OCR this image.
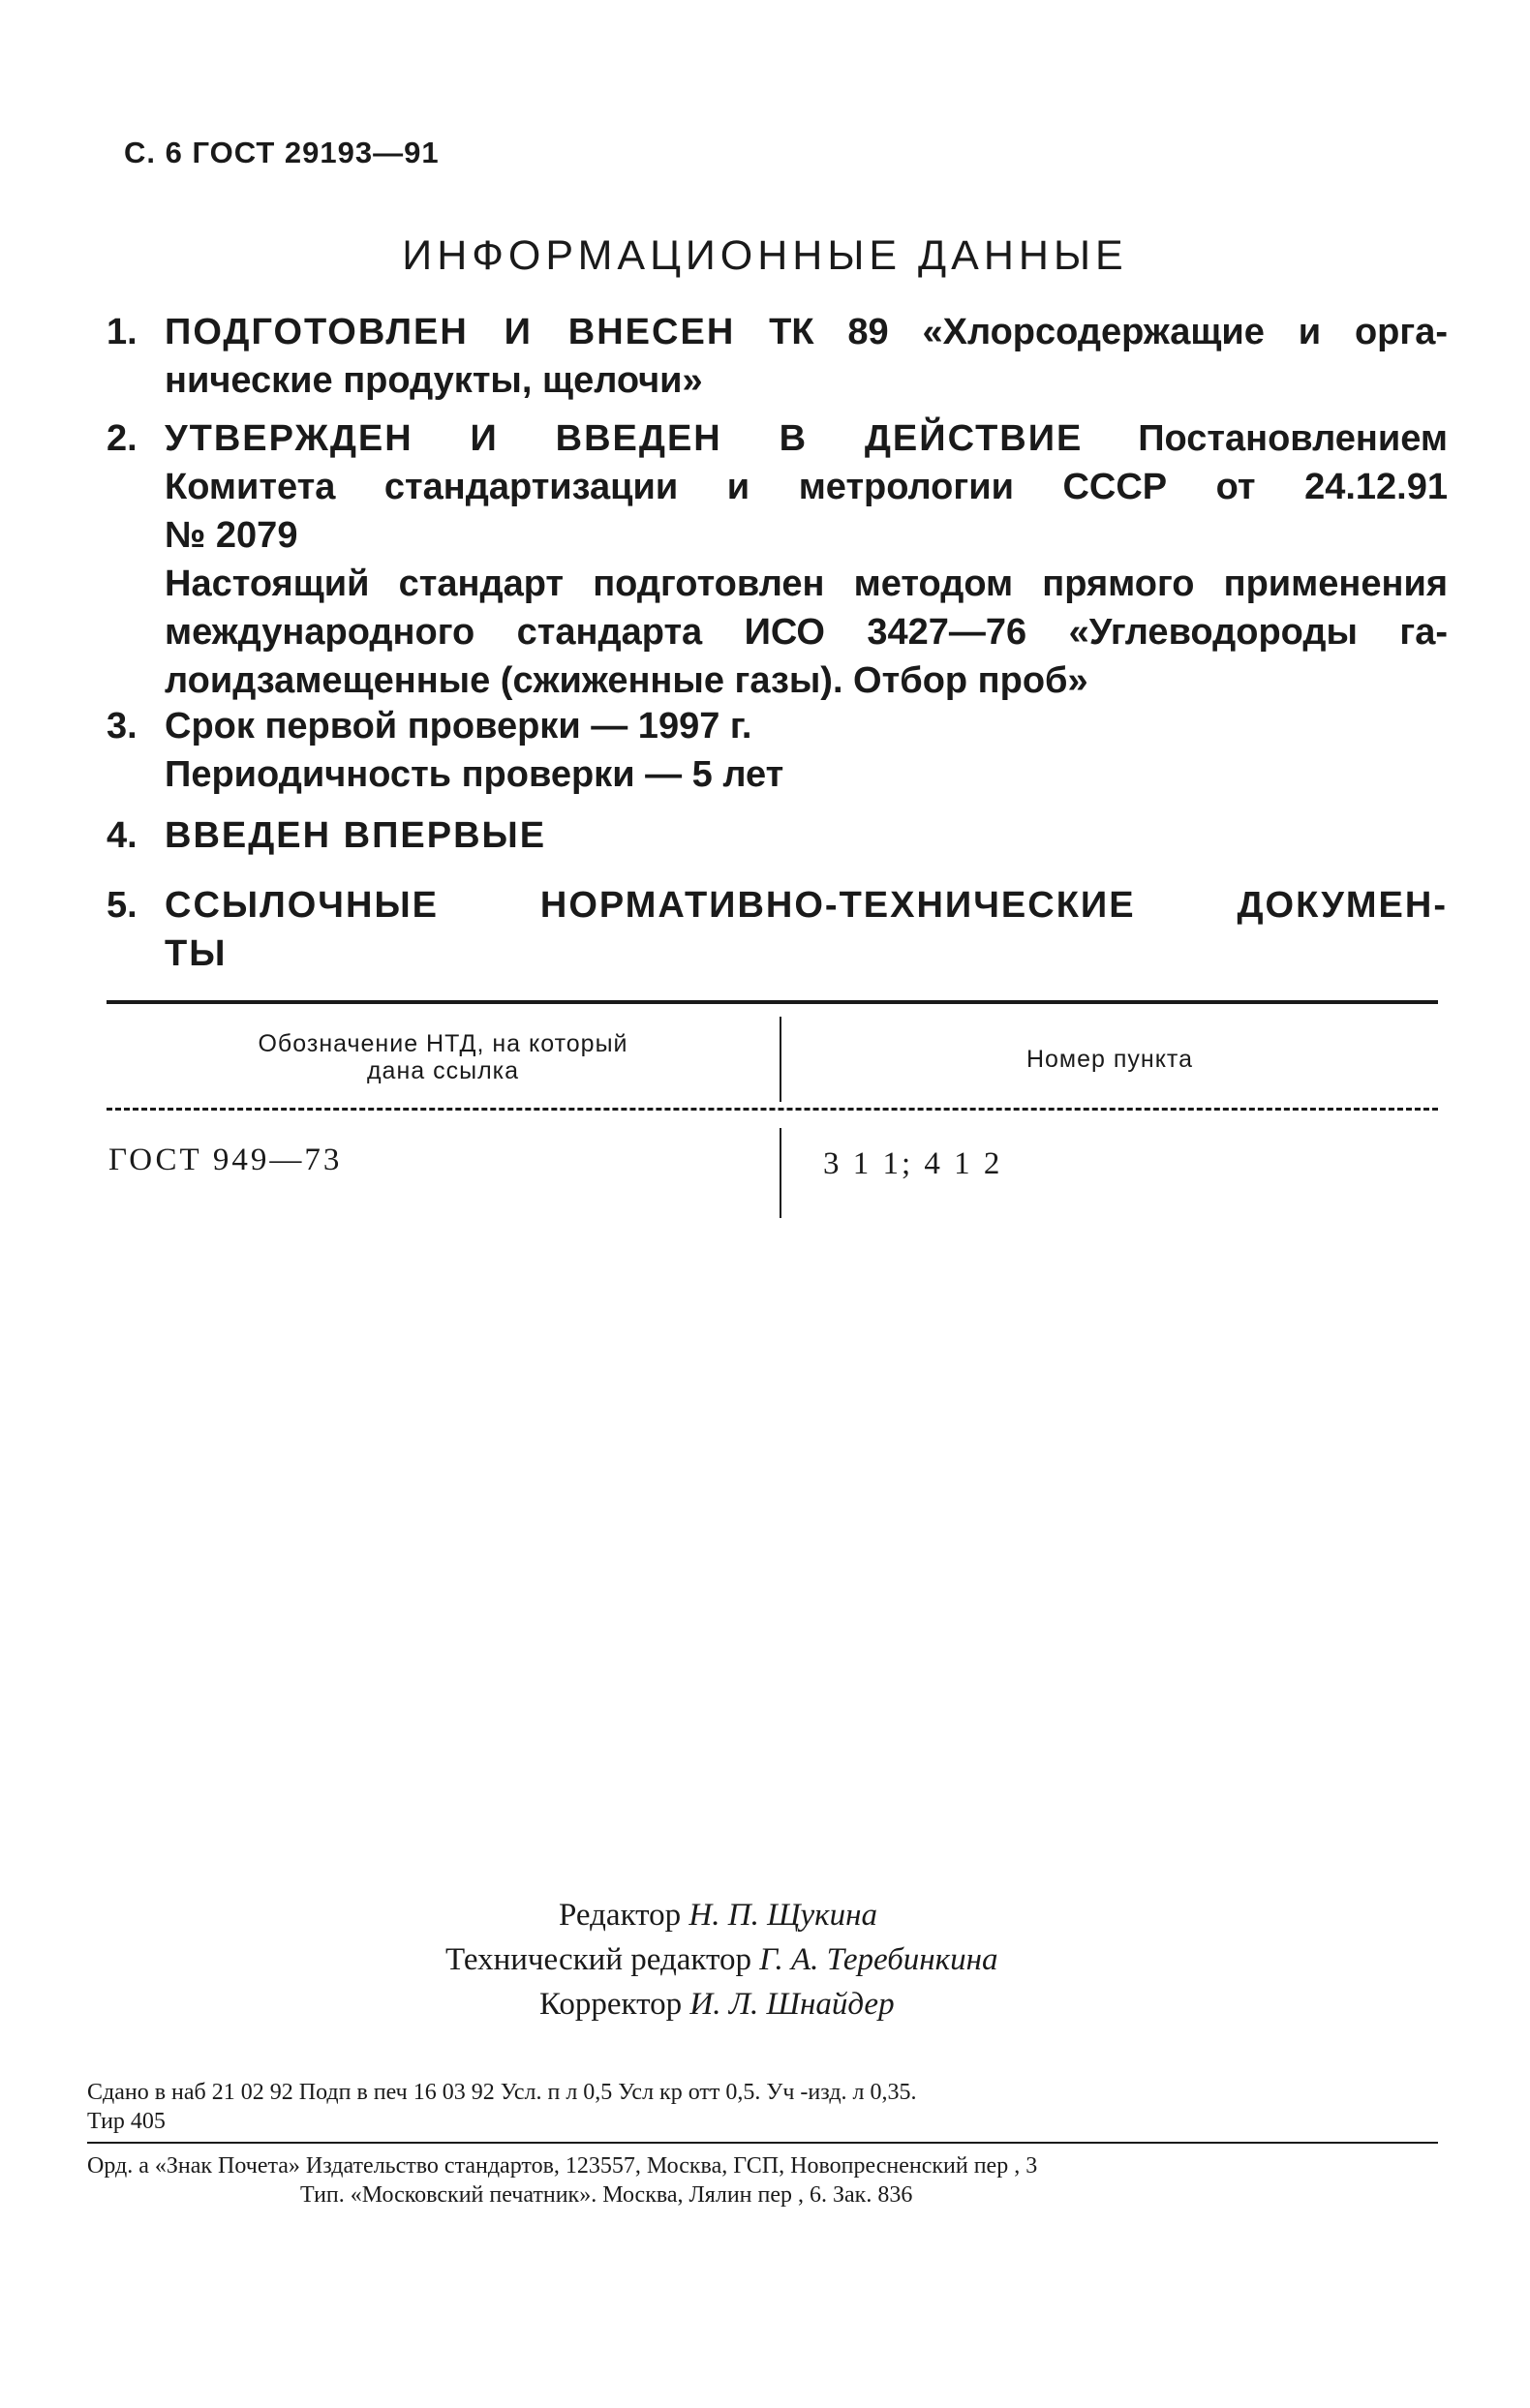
С. 6 ГОСТ 29193—91
ИНФОРМАЦИОННЫЕ ДАННЫЕ
1. ПОДГОТОВЛЕН И ВНЕСЕН ТК 89 «Хлорсодержащие и орга-
нические продукты, щелочи»
2. УТВЕРЖДЕН И ВВЕДЕН В ДЕЙСТВИЕ Постановлением
Комитета стандартизации и метрологии СССР от 24.12.91
№ 2079
Настоящий стандарт подготовлен методом прямого применения
международного стандарта ИСО 3427—76 «Углеводороды га-
лоидзамещенные (сжиженные газы). Отбор проб»
3. Срок первой проверки — 1997 г.
Периодичность проверки — 5 лет
4. ВВЕДЕН ВПЕРВЫЕ
5. ССЫЛОЧНЫЕ НОРМАТИВНО-ТЕХНИЧЕСКИЕ ДОКУМЕН-
ТЫ
Обозначение НТД, на который
дана ссылка	Номер пункта
ГОСТ 949—73	3 1 1; 4 1 2
Редактор Н. П. Щукина
Технический редактор Г. А. Теребинкина
Корректор И. Л. Шнайдер
Сдано в наб 21 02 92 Подп в печ 16 03 92 Усл. п л 0,5 Усл кр отт 0,5. Уч -изд. л 0,35.
Тир 405
Орд. а «Знак Почета» Издательство стандартов, 123557, Москва, ГСП, Новопресненский пер , 3
Тип. «Московский печатник». Москва, Лялин пер , 6. Зак. 836
